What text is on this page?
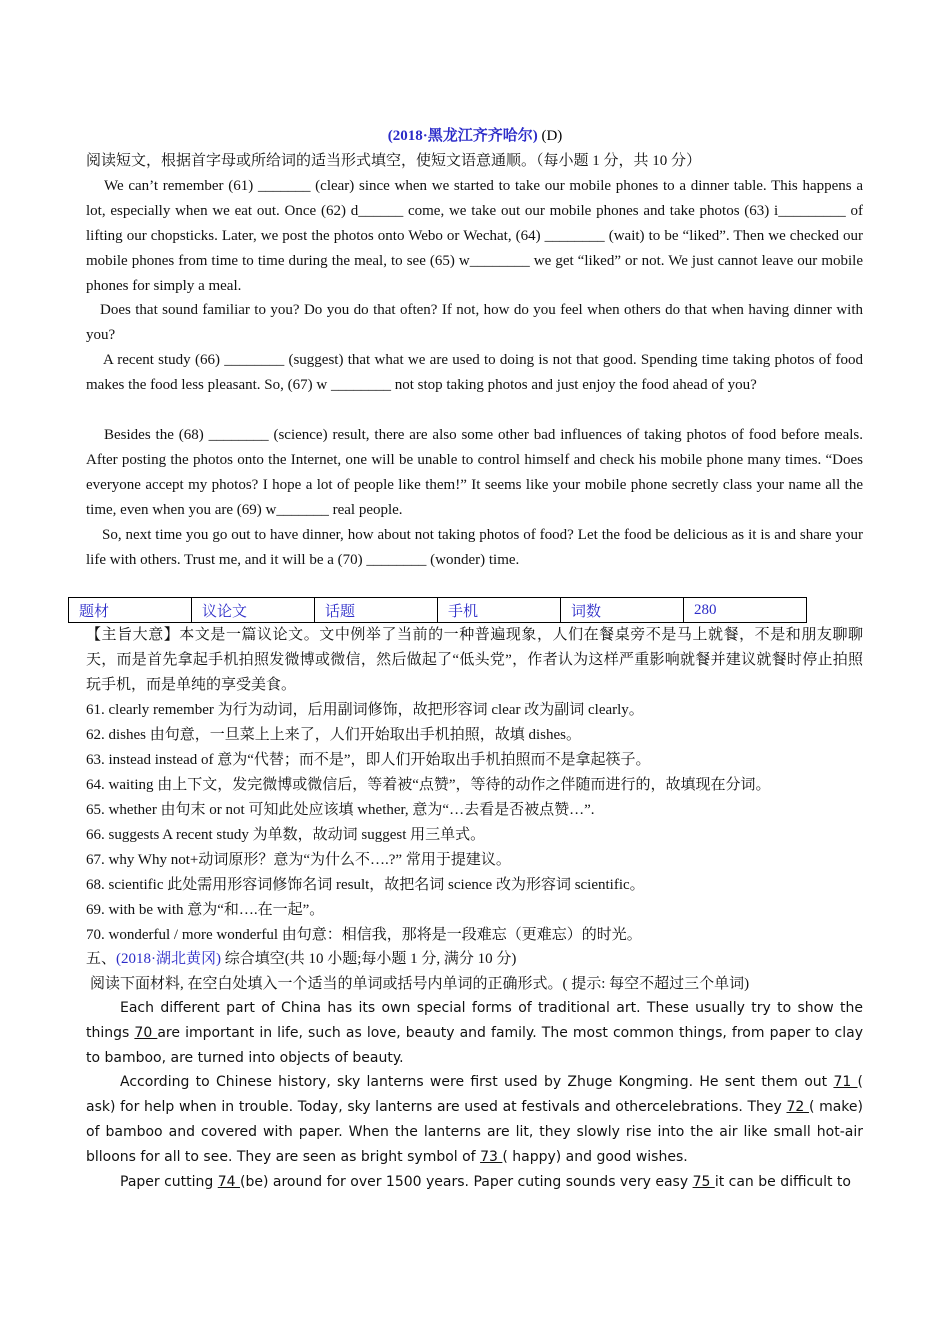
(2018·黑龙江齐齐哈尔) (D)
阅读短文，根据首字母或所给词的适当形式填空，使短文语意通顺。（每小题 1 分，共 10 分）
We can’t remember (61) _______ (clear) since when we started to take our mobile phones to a dinner table. This happens a lot, especially when we eat out. Once (62) d______ come, we take out our mobile phones and take photos (63) i_________ of lifting our chopsticks. Later, we post the photos onto Webo or Wechat, (64) ________ (wait) to be “liked”. Then we checked our mobile phones from time to time during the meal, to see (65) w________ we get “liked” or not. We just cannot leave our mobile phones for simply a meal.
Does that sound familiar to you? Do you do that often? If not, how do you feel when others do that when having dinner with you?
A recent study (66) ________ (suggest) that what we are used to doing is not that good. Spending time taking photos of food makes the food less pleasant. So, (67) w ________ not stop taking photos and just enjoy the food ahead of you?
Besides the (68) ________ (science) result, there are also some other bad influences of taking photos of food before meals. After posting the photos onto the Internet, one will be unable to control himself and check his mobile phone many times. “Does everyone accept my photos? I hope a lot of people like them!” It seems like your mobile phone secretly class your name all the time, even when you are (69) w_______ real people.
So, next time you go out to have dinner, how about not taking photos of food? Let the food be delicious as it is and share your life with others. Trust me, and it will be a (70) ________ (wonder) time.
题材	议论文	话题	手机	词数	280
【主旨大意】本文是一篇议论文。文中例举了当前的一种普遍现象，人们在餐桌旁不是马上就餐，不是和朋友聊聊天，而是首先拿起手机拍照发微博或微信，然后做起了“低头党”，作者认为这样严重影响就餐并建议就餐时停止拍照玩手机，而是单纯的享受美食。
61. clearly remember 为行为动词，后用副词修饰，故把形容词 clear 改为副词 clearly。
62. dishes 由句意，一旦菜上上来了，人们开始取出手机拍照，故填 dishes。
63. instead instead of 意为“代替；而不是”，即人们开始取出手机拍照而不是拿起筷子。
64. waiting 由上下文，发完微博或微信后，等着被“点赞”，等待的动作之伴随而进行的，故填现在分词。
65. whether 由句末 or not 可知此处应该填 whether, 意为“…去看是否被点赞…”.
66. suggests A recent study 为单数，故动词 suggest 用三单式。
67. why Why not+动词原形？意为“为什么不….?” 常用于提建议。
68. scientific 此处需用形容词修饰名词 result，故把名词 science 改为形容词 scientific。
69. with be with 意为“和….在一起”。
70. wonderful / more wonderful 由句意：相信我，那将是一段难忘（更难忘）的时光。
五、(2018·湖北黄冈) 综合填空(共 10 小题;每小题 1 分, 满分 10 分)
阅读下面材料, 在空白处填入一个适当的单词或括号内单词的正确形式。( 提示: 每空不超过三个单词)
Each different part of China has its own special forms of traditional art. These usually try to show the things 70 are important in life, such as love, beauty and family. The most common things, from paper to clay to bamboo, are turned into objects of beauty.
According to Chinese history, sky lanterns were first used by Zhuge Kongming. He sent them out 71 ( ask) for help when in trouble. Today, sky lanterns are used at festivals and othercelebrations. They 72 ( make) of bamboo and covered with paper. When the lanterns are lit, they slowly rise into the air like small hot-air blloons for all to see. They are seen as bright symbol of 73 ( happy) and good wishes.
Paper cutting 74 (be) around for over 1500 years. Paper cuting sounds very easy 75 it can be difficult to
